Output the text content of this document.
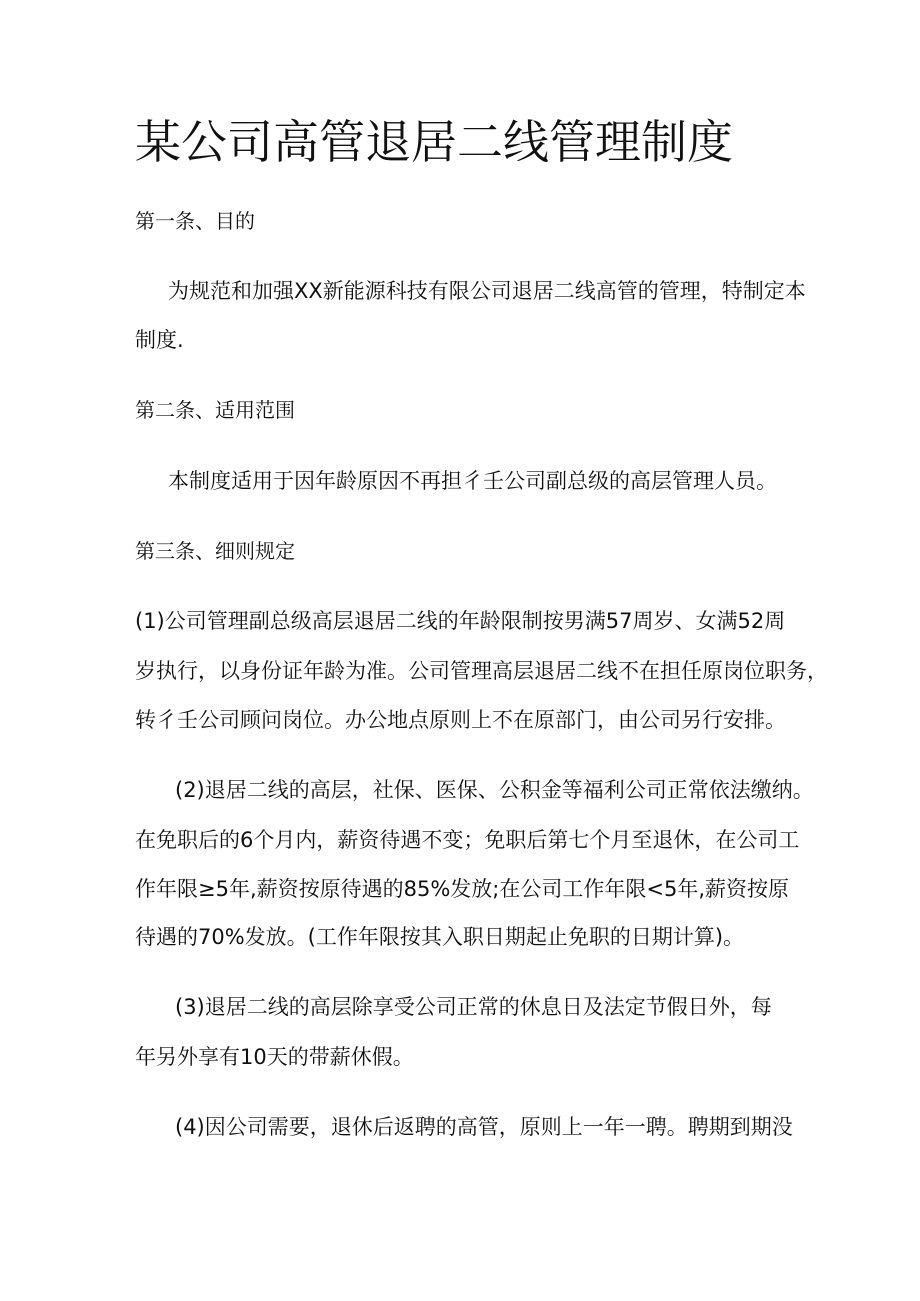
某公司高管退居二线管理制度

第一条、目的

为规范和加强XX新能源科技有限公司退居二线高管的管理，特制定本

制度.

第二条、适用范围

本制度适用于因年龄原因不再担彳壬公司副总级的高层管理人员。

第三条、细则规定

(1)公司管理副总级高层退居二线的年龄限制按男满57周岁、女满52周

岁执行，以身份证年龄为准。公司管理高层退居二线不在担任原岗位职务，

转彳壬公司顾问岗位。办公地点原则上不在原部门，由公司另行安排。

(2)退居二线的高层，社保、医保、公积金等福利公司正常依法缴纳。

在免职后的6个月内，薪资待遇不变；免职后第七个月至退休，在公司工

作年限≥5年,薪资按原待遇的85%发放;在公司工作年限<5年,薪资按原

待遇的70%发放。(工作年限按其入职日期起止免职的日期计算)。

(3)退居二线的高层除享受公司正常的休息日及法定节假日外，每

年另外享有10天的带薪休假。

(4)因公司需要，退休后返聘的高管，原则上一年一聘。聘期到期没
